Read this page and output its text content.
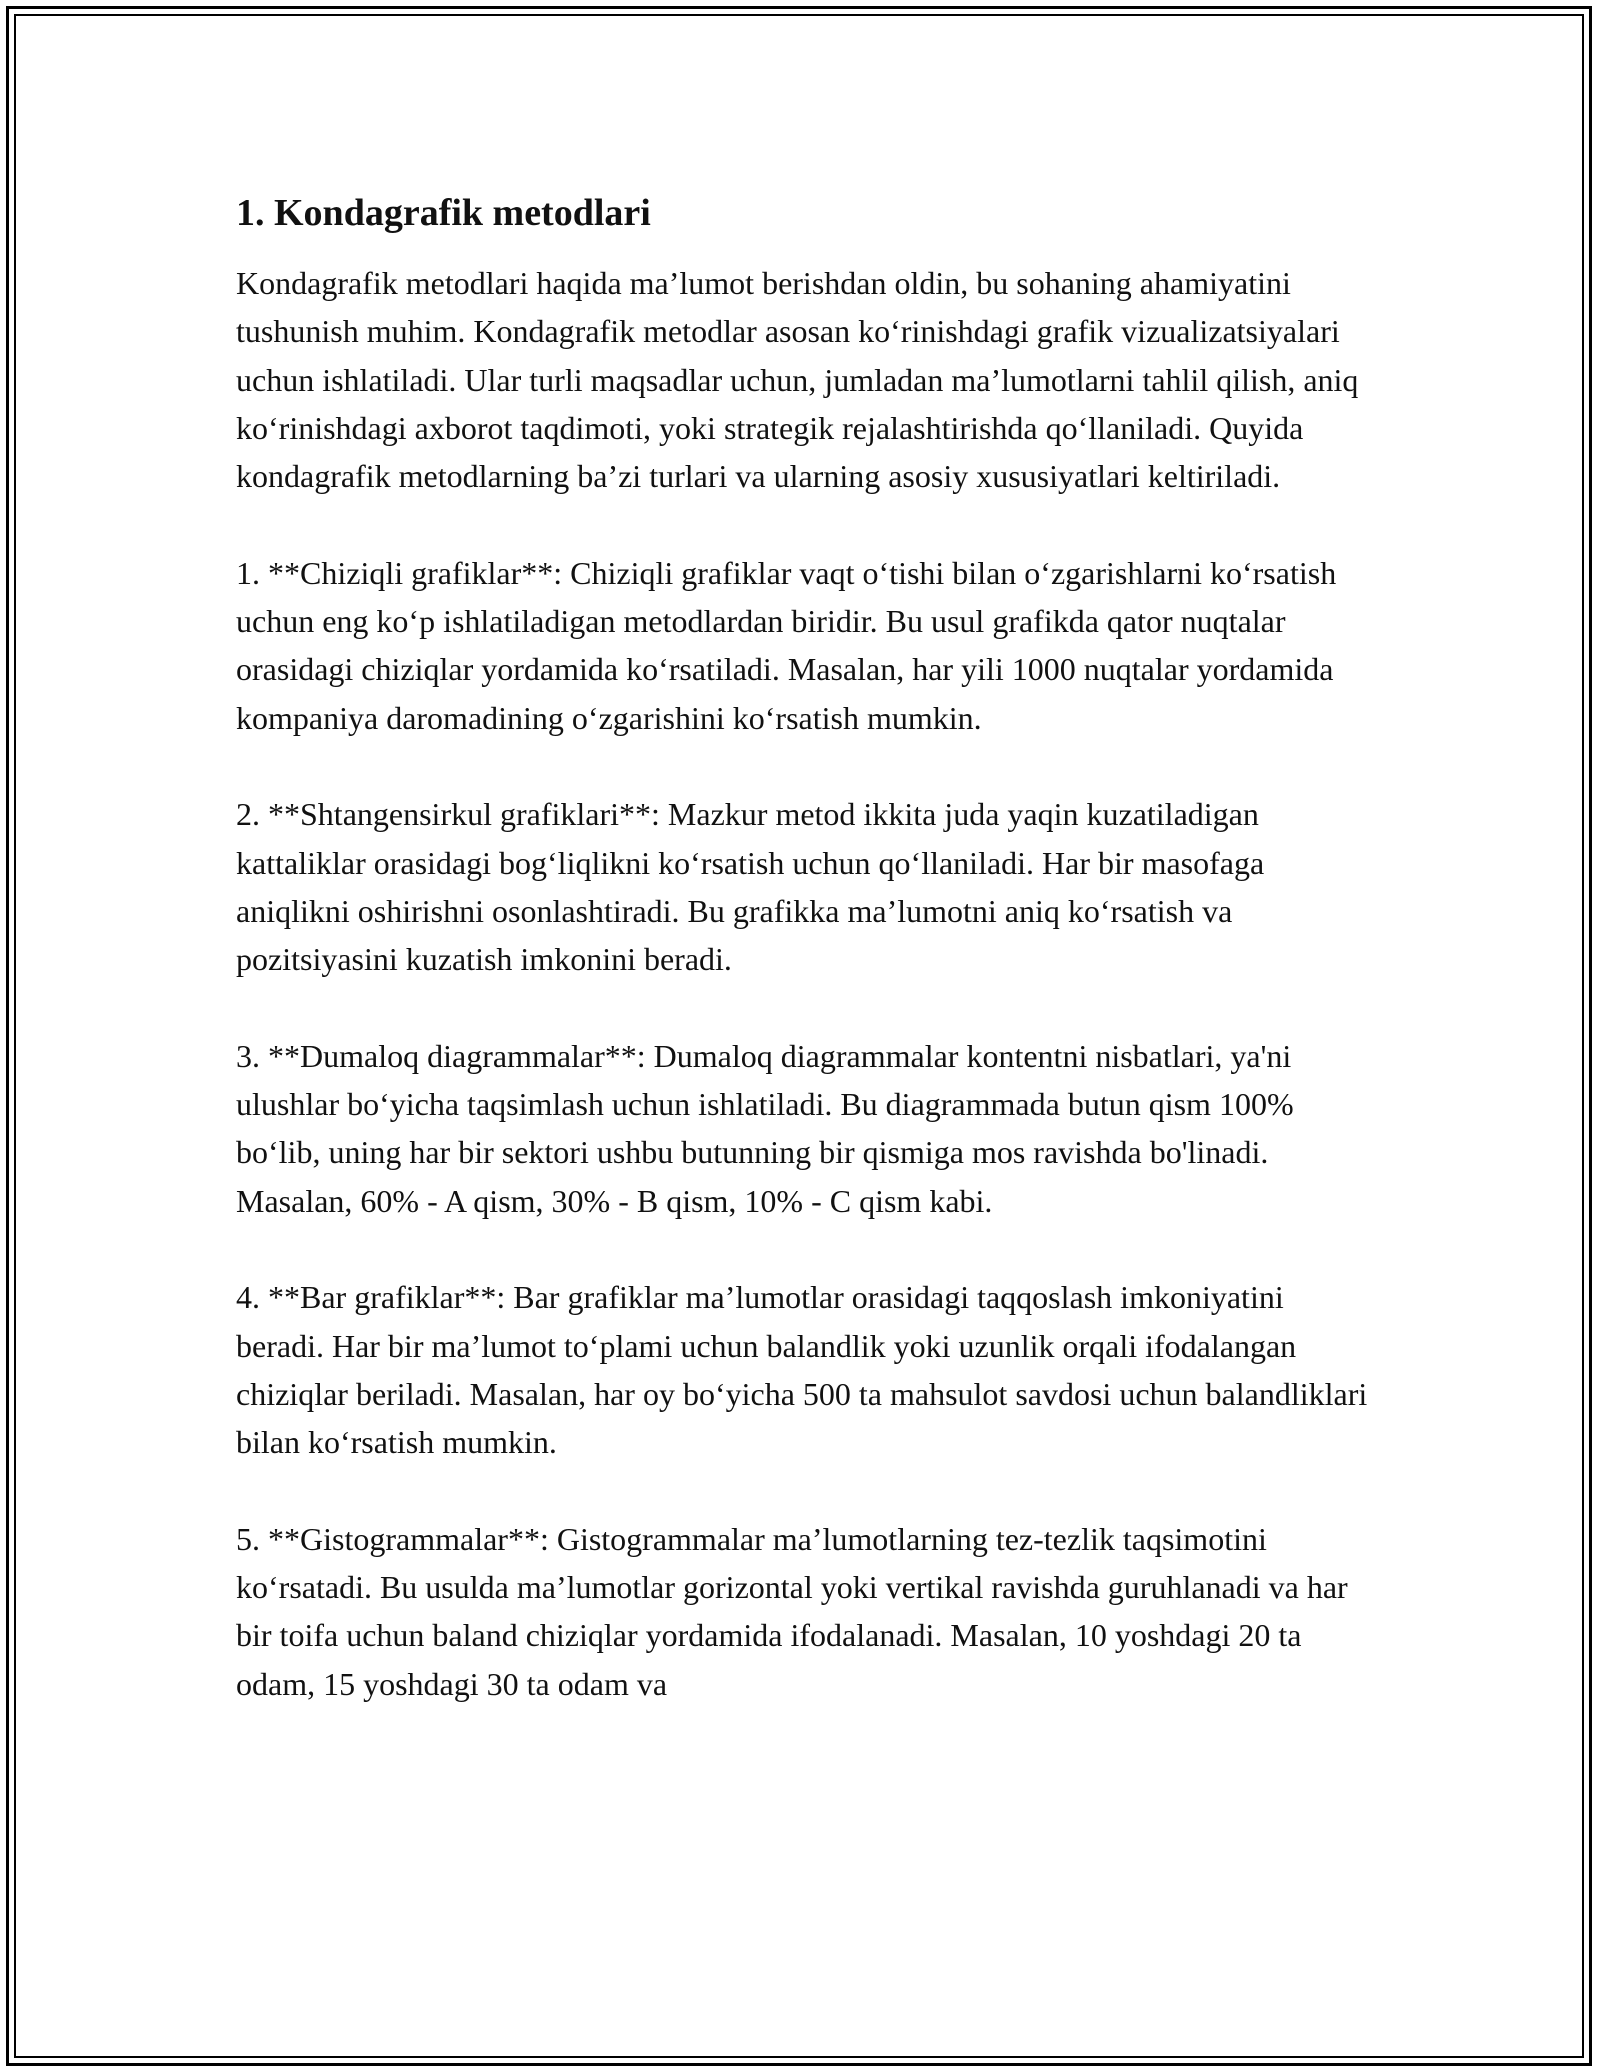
1. Kondagrafik metodlari

Kondagrafik metodlari haqida ma’lumot berishdan oldin, bu sohaning ahamiyatini tushunish muhim. Kondagrafik metodlar asosan ko‘rinishdagi grafik vizualizatsiyalari uchun ishlatiladi. Ular turli maqsadlar uchun, jumladan ma’lumotlarni tahlil qilish, aniq ko‘rinishdagi axborot taqdimoti, yoki strategik rejalashtirishda qo‘llaniladi. Quyida kondagrafik metodlarning ba’zi turlari va ularning asosiy xususiyatlari keltiriladi.

1. **Chiziqli grafiklar**: Chiziqli grafiklar vaqt o‘tishi bilan o‘zgarishlarni ko‘rsatish uchun eng ko‘p ishlatiladigan metodlardan biridir. Bu usul grafikda qator nuqtalar orasidagi chiziqlar yordamida ko‘rsatiladi. Masalan, har yili 1000 nuqtalar yordamida kompaniya daromadining o‘zgarishini ko‘rsatish mumkin.

2. **Shtangensirkul grafiklari**: Mazkur metod ikkita juda yaqin kuzatiladigan kattaliklar orasidagi bog‘liqlikni ko‘rsatish uchun qo‘llaniladi. Har bir masofaga aniqlikni oshirishni osonlashtiradi. Bu grafikka ma’lumotni aniq ko‘rsatish va pozitsiyasini kuzatish imkonini beradi.

3. **Dumaloq diagrammalar**: Dumaloq diagrammalar kontentni nisbatlari, ya'ni ulushlar bo‘yicha taqsimlash uchun ishlatiladi. Bu diagrammada butun qism 100% bo‘lib, uning har bir sektori ushbu butunning bir qismiga mos ravishda bo'linadi. Masalan, 60% - A qism, 30% - B qism, 10% - C qism kabi.

4. **Bar grafiklar**: Bar grafiklar ma’lumotlar orasidagi taqqoslash imkoniyatini beradi. Har bir ma’lumot to‘plami uchun balandlik yoki uzunlik orqali ifodalangan chiziqlar beriladi. Masalan, har oy bo‘yicha 500 ta mahsulot savdosi uchun balandliklari bilan ko‘rsatish mumkin.

5. **Gistogrammalar**: Gistogrammalar ma’lumotlarning tez-tezlik taqsimotini ko‘rsatadi. Bu usulda ma’lumotlar gorizontal yoki vertikal ravishda guruhlanadi va har bir toifa uchun baland chiziqlar yordamida ifodalanadi. Masalan, 10 yoshdagi 20 ta odam, 15 yoshdagi 30 ta odam va
